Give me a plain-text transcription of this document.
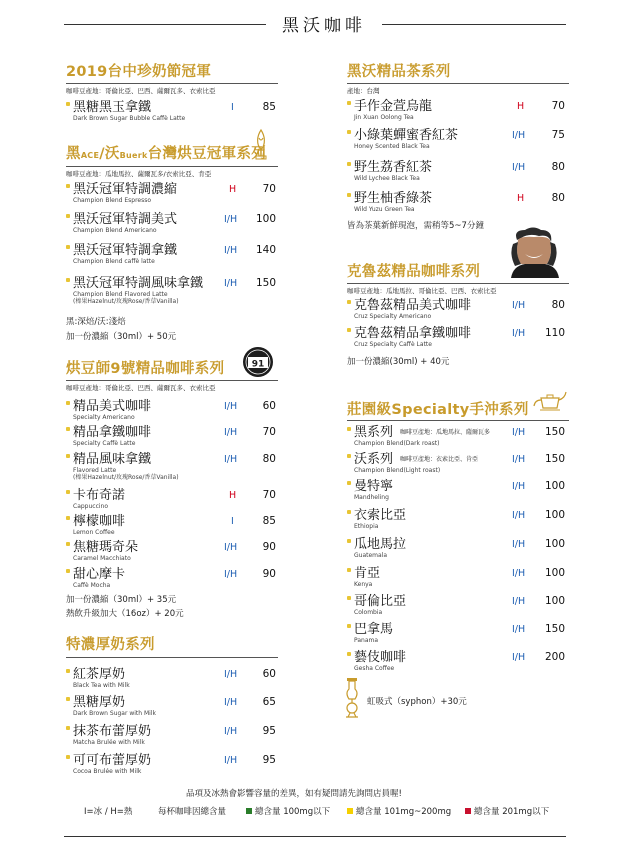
黑沃咖啡
2019台中珍奶節冠軍
咖啡豆產地：哥倫比亞、巴西、薩爾瓦多、衣索比亞
黑糖黑玉拿鐵
Dark Brown Sugar Bubble Caffè Latte
I	85
黑ACE/沃Buerk台灣烘豆冠軍系列
咖啡豆產地：瓜地馬拉、薩爾瓦多/衣索比亞、肯亞
黑沃冠軍特調濃縮
Champion Blend Espresso
H	70
黑沃冠軍特調美式
Champion Blend Americano
I/H 100
黑沃冠軍特調拿鐵
Champion Blend caffè latte
I/H 140
黑沃冠軍特調風味拿鐵
Champion Blend Flavored Latte
(榛果Hazelnut/玫瑰Rose/香草Vanilla)
I/H 150
黑:深焙/沃:淺焙
加一份濃縮（30ml）+ 50元
烘豆師9號精品咖啡系列	91
咖啡豆產地：哥倫比亞、巴西、薩爾瓦多、衣索比亞
精品美式咖啡
Specialty Americano
I/H 60
精品拿鐵咖啡
Specialty Caffè Latte
I/H 70
精品風味拿鐵
Flavored Latte
(榛果Hazelnut/玫瑰Rose/香草Vanilla)
I/H 80
卡布奇諾
Cappuccino
H	70
檸檬咖啡
Lemon Coffee
I	85
焦糖瑪奇朵
Caramel Macchiato
I/H 90
甜心摩卡
Caffè Mocha
I/H 90
加一份濃縮（30ml）+ 35元
熱飲升級加大（16oz）+ 20元
特濃厚奶系列
紅茶厚奶
Black Tea with Milk
I/H 60
黑糖厚奶
Dark Brown Sugar with Milk
I/H 65
抹茶布蕾厚奶
Matcha Brulée with Milk
I/H 95
可可布蕾厚奶
Cocoa Brulée with Milk
I/H 95
黑沃精品茶系列
產地：台灣
手作金萱烏龍
Jin Xuan Oolong Tea
H	70
小綠葉蟬蜜香紅茶
Honey Scented Black Tea
I/H	75
野生荔香紅茶
Wild Lychee Black Tea
I/H	80
野生柚香綠茶
Wild Yuzu Green Tea
H	80
皆為茶葉新鮮現泡，需稍等5~7分鐘
克魯茲精品咖啡系列
咖啡豆產地：瓜地馬拉、哥倫比亞、巴西、衣索比亞
克魯茲精品美式咖啡
Cruz Specialty Americano
I/H	80
克魯茲精品拿鐵咖啡
Cruz Specialty Caffè Latte
I/H 110
加一份濃縮(30ml) + 40元
莊園級Specialty手沖系列
黑系列
Champion Blend(Dark roast)
咖啡豆產地：瓜地馬拉、薩爾瓦多 I/H 150
沃系列
Champion Blend(Light roast)
咖啡豆產地：衣索比亞、肯亞	I/H 150
曼特寧
Mandheling
I/H 100
衣索比亞
Ethiopia
I/H 100
瓜地馬拉
Guatemala
I/H 100
肯亞
Kenya
I/H 100
哥倫比亞
Colombia
I/H 100
巴拿馬
Panama
I/H 150
藝伎咖啡
Gesha Coffee
I/H 200
虹吸式（syphon）+30元
品項及冰熱會影響容量的差異，如有疑問請先詢問店員喔!
I=冰 / H=熱	每杯咖啡因總含量	總含量 100mg以下	總含量 101mg~200mg	總含量 201mg以下
